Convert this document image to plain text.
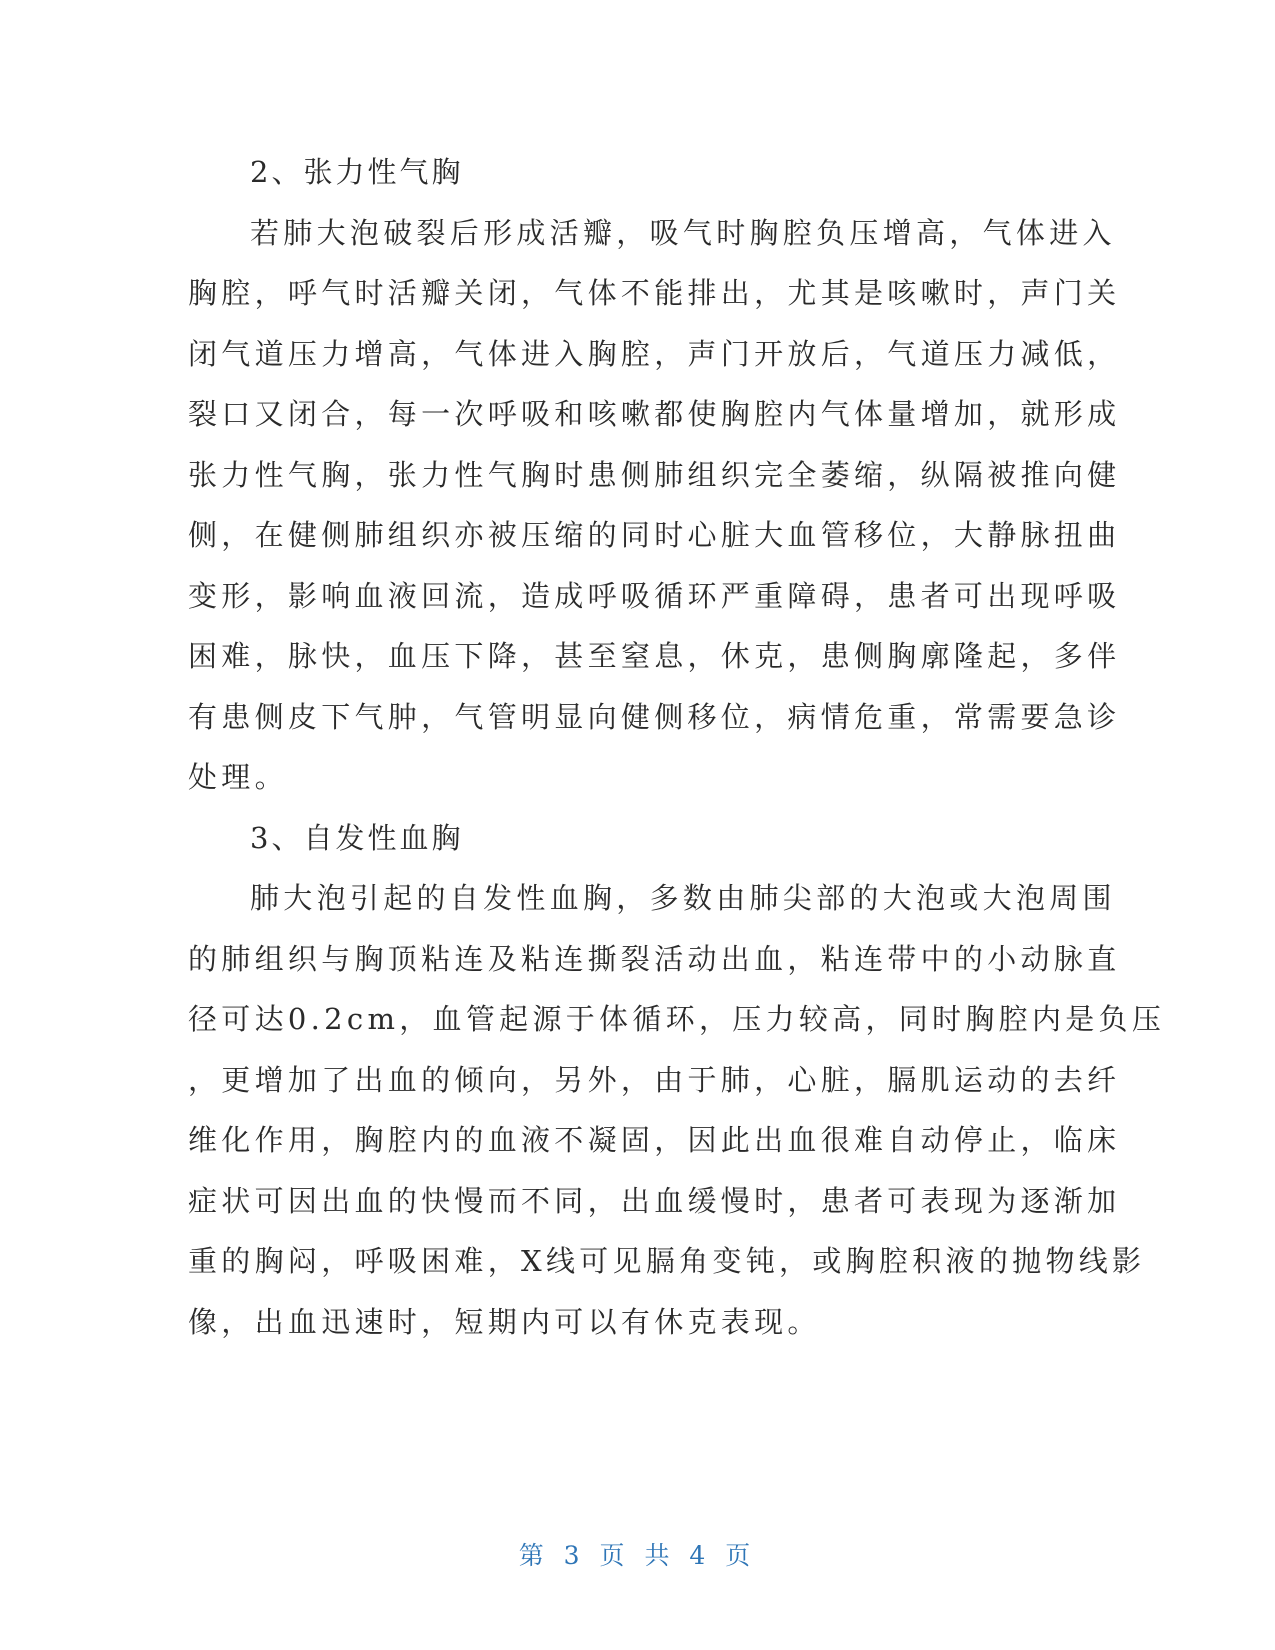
2、张力性气胸
若肺大泡破裂后形成活瓣，吸气时胸腔负压增高，气体进入
胸腔，呼气时活瓣关闭，气体不能排出，尤其是咳嗽时，声门关
闭气道压力增高，气体进入胸腔，声门开放后，气道压力减低，
裂口又闭合，每一次呼吸和咳嗽都使胸腔内气体量增加，就形成
张力性气胸，张力性气胸时患侧肺组织完全萎缩，纵隔被推向健
侧，在健侧肺组织亦被压缩的同时心脏大血管移位，大静脉扭曲
变形，影响血液回流，造成呼吸循环严重障碍，患者可出现呼吸
困难，脉快，血压下降，甚至窒息，休克，患侧胸廓隆起，多伴
有患侧皮下气肿，气管明显向健侧移位，病情危重，常需要急诊
处理。
3、自发性血胸
肺大泡引起的自发性血胸，多数由肺尖部的大泡或大泡周围
的肺组织与胸顶粘连及粘连撕裂活动出血，粘连带中的小动脉直
径可达0.2cm，血管起源于体循环，压力较高，同时胸腔内是负压
，更增加了出血的倾向，另外，由于肺，心脏，膈肌运动的去纤
维化作用，胸腔内的血液不凝固，因此出血很难自动停止，临床
症状可因出血的快慢而不同，出血缓慢时，患者可表现为逐渐加
重的胸闷，呼吸困难，X线可见膈角变钝，或胸腔积液的抛物线影
像，出血迅速时，短期内可以有休克表现。
第 3 页 共 4 页
